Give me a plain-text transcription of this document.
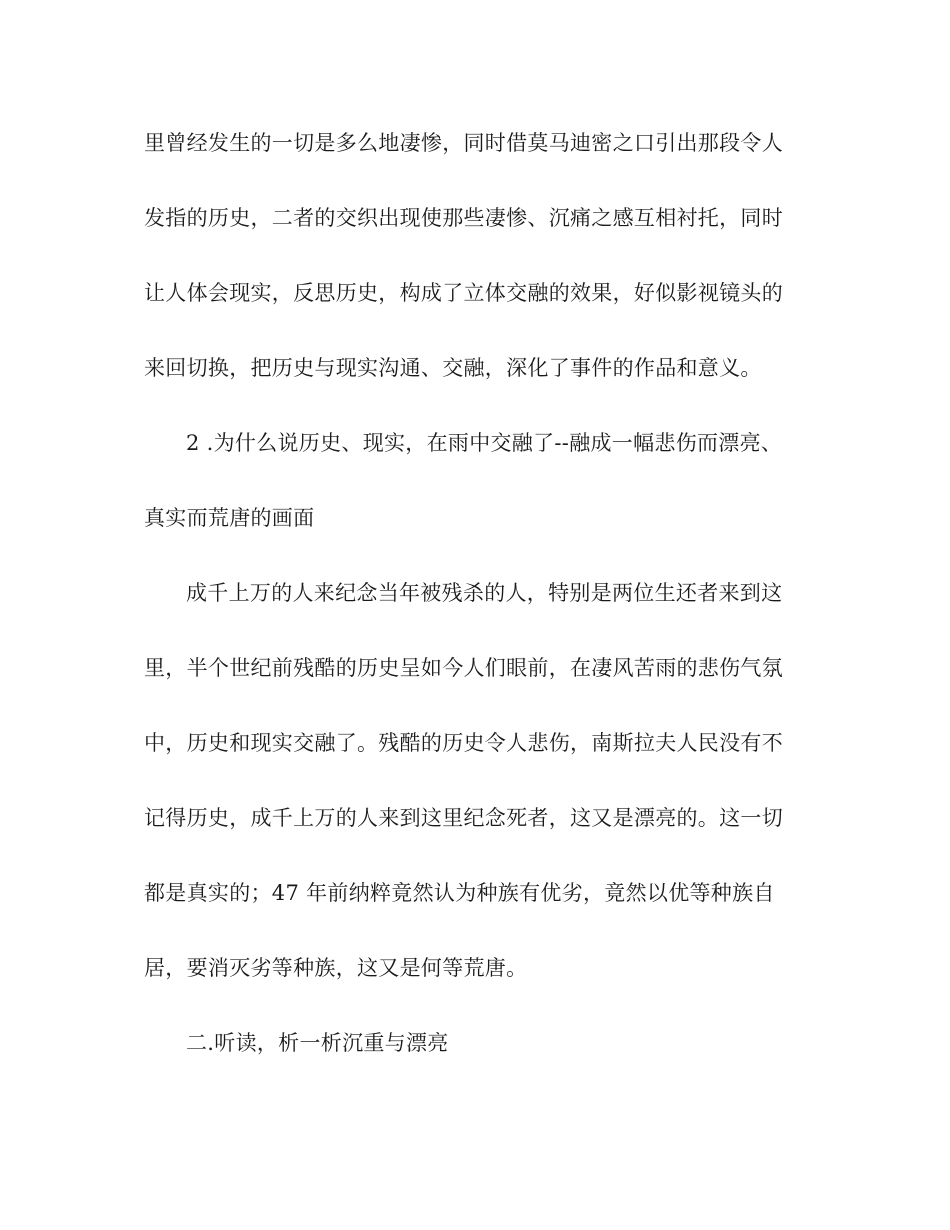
里曾经发生的一切是多么地凄惨，同时借莫马迪密之口引出那段令人
发指的历史，二者的交织出现使那些凄惨、沉痛之感互相衬托，同时
让人体会现实，反思历史，构成了立体交融的效果，好似影视镜头的
来回切换，把历史与现实沟通、交融，深化了事件的作品和意义。
2 .为什么说历史、现实，在雨中交融了--融成一幅悲伤而漂亮、
真实而荒唐的画面
成千上万的人来纪念当年被残杀的人，特别是两位生还者来到这
里，半个世纪前残酷的历史呈如今人们眼前，在凄风苦雨的悲伤气氛
中，历史和现实交融了。残酷的历史令人悲伤，南斯拉夫人民没有不
记得历史，成千上万的人来到这里纪念死者，这又是漂亮的。这一切
都是真实的；47 年前纳粹竟然认为种族有优劣，竟然以优等种族自
居，要消灭劣等种族，这又是何等荒唐。
二.听读，析一析沉重与漂亮
